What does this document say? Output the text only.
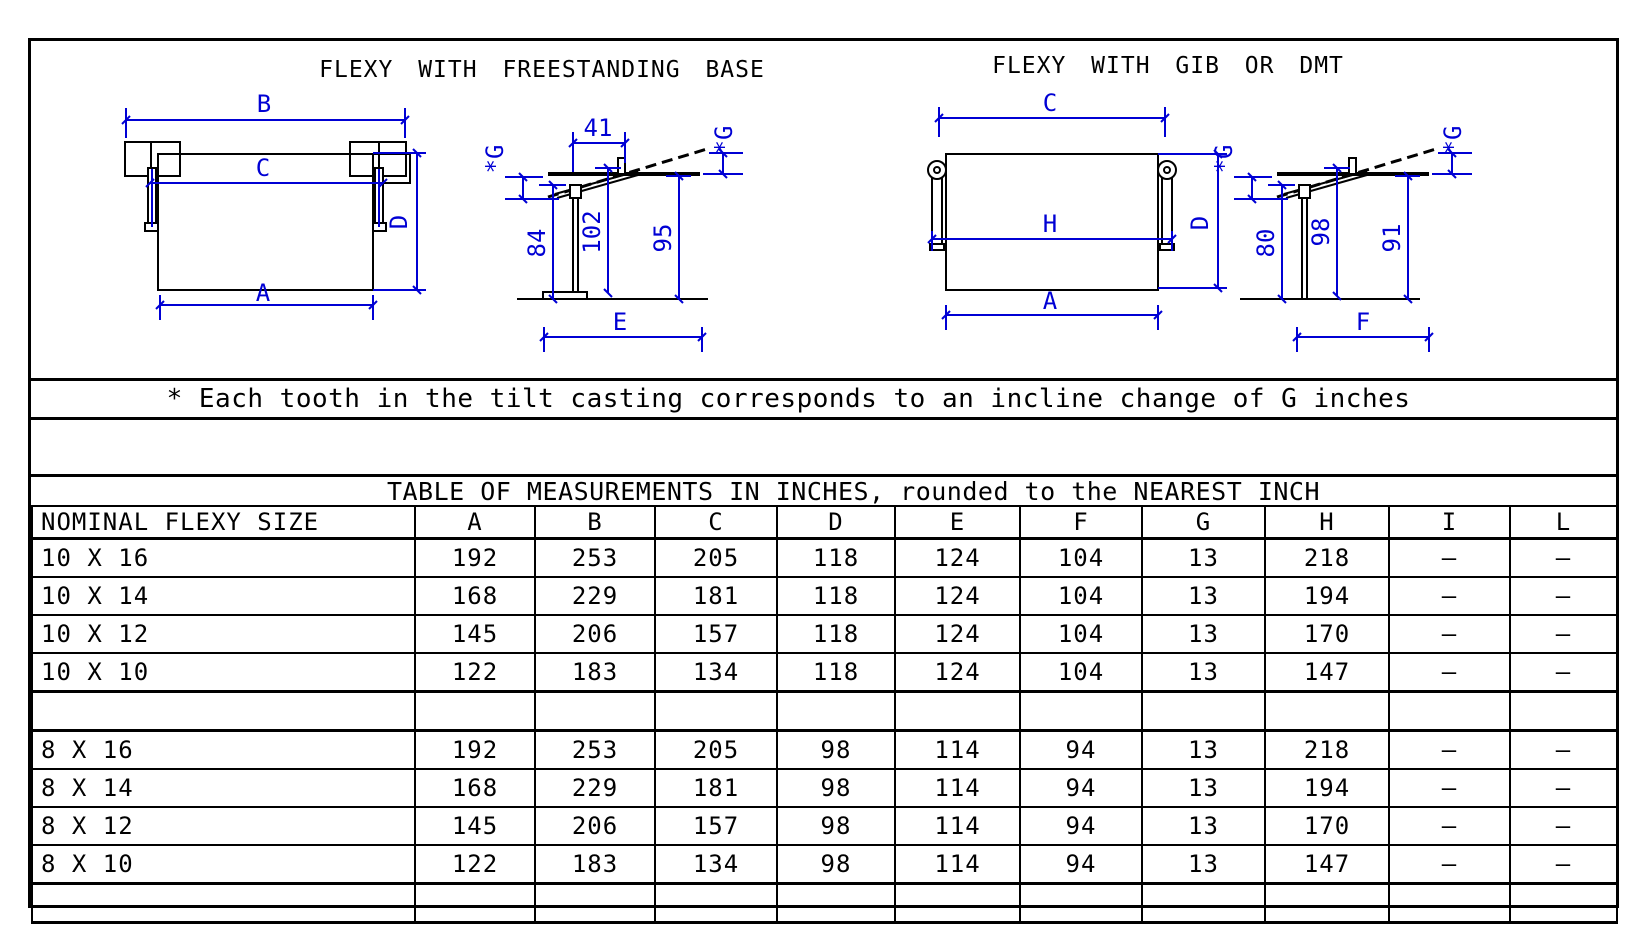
FLEXY WITH FREESTANDING BASE
B
C
A
D
41
*G
*G
84 102 95
E
FLEXY WITH GIB OR DMT
C
H
A
D
*G
*G
80 98 91
F
* Each tooth in the tilt casting corresponds to an incline change of G inches
TABLE OF MEASUREMENTS IN INCHES, rounded to the NEAREST INCH
NOMINAL FLEXY SIZE	A	B	C	D	E	F	G	H	I	L
10 X 16	192	253	205	118	124	104	13	218	–	–
10 X 14	168	229	181	118	124	104	13	194	–	–
10 X 12	145	206	157	118	124	104	13	170	–	–
10 X 10	122	183	134	118	124	104	13	147	–	–

8 X 16	192	253	205	98	114	94	13	218	–	–
8 X 14	168	229	181	98	114	94	13	194	–	–
8 X 12	145	206	157	98	114	94	13	170	–	–
8 X 10	122	183	134	98	114	94	13	147	–	–
